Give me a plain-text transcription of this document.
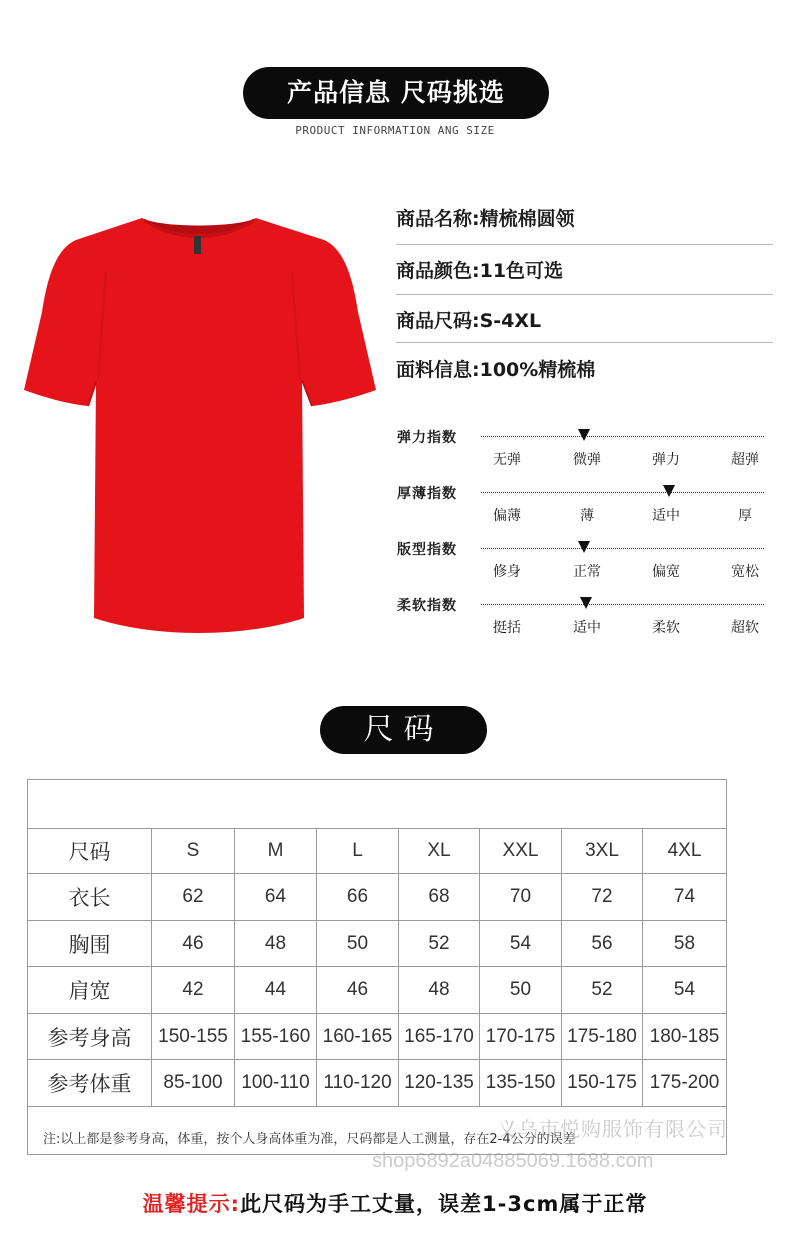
产品信息 尺码挑选
PRODUCT INFORMATION ANG SIZE
商品名称:精梳棉圆领
商品颜色:11色可选
商品尺码:S-4XL
面料信息:100%精梳棉
弹力指数
无弹	微弹	弹力	超弹
厚薄指数
偏薄	薄	适中	厚
版型指数
修身	正常	偏宽	宽松
柔软指数
挺括	适中	柔软	超软
尺码
尺码	S	M	L	XL	XXL	3XL	4XL
衣长	62	64	66	68	70	72	74
胸围	46	48	50	52	54	56	58
肩宽	42	44	46	48	50	52	54
参考身高	150-155 155-160 160-165 165-170 170-175 175-180 180-185
参考体重	85-100 100-110 110-120 120-135 135-150 150-175 175-200
注:以上都是参考身高，体重，按个人身高体重为准，尺码都是人工测量，存在2-4公分的误差
义乌市悦购服饰有限公司
shop6892a04885069.1688.com
温馨提示:此尺码为手工丈量，误差1-3cm属于正常
